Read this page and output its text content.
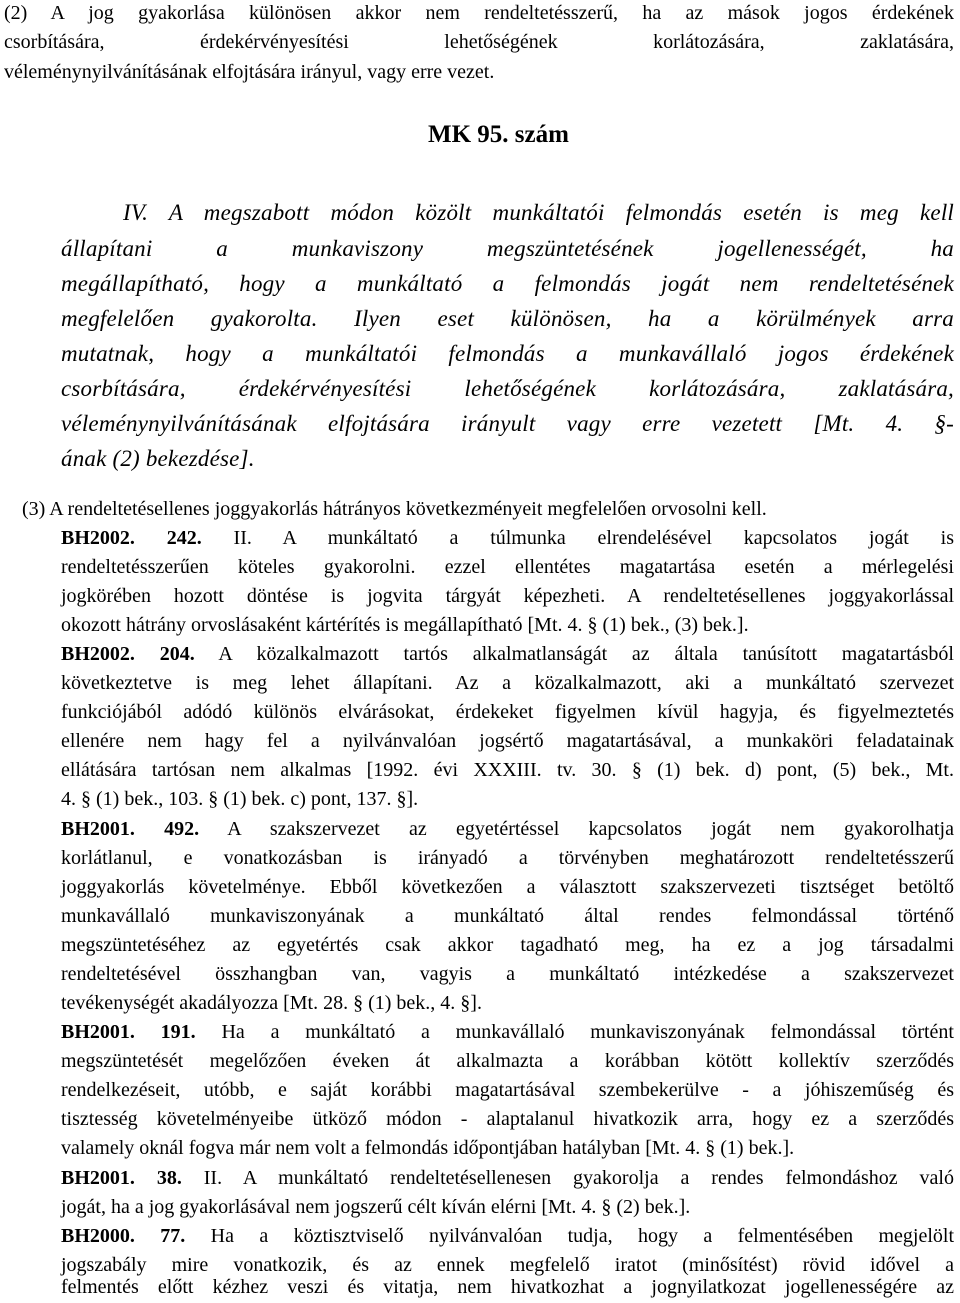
(2) A jog gyakorlása különösen akkor nem rendeltetésszerű, ha az mások jogos érdekének
csorbítására, érdekérvényesítési lehetőségének korlátozására, zaklatására,
véleménynyilvánításának elfojtására irányul, vagy erre vezet.
MK 95. szám
IV. A megszabott módon közölt munkáltatói felmondás esetén is meg kell
állapítani a munkaviszony megszüntetésének jogellenességét, ha
megállapítható, hogy a munkáltató a felmondás jogát nem rendeltetésének
megfelelően gyakorolta. Ilyen eset különösen, ha a körülmények arra
mutatnak, hogy a munkáltatói felmondás a munkavállaló jogos érdekének
csorbítására, érdekérvényesítési lehetőségének korlátozására, zaklatására,
véleménynyilvánításának elfojtására irányult vagy erre vezetett [Mt. 4. §-
ának (2) bekezdése].
(3) A rendeltetésellenes joggyakorlás hátrányos következményeit megfelelően orvosolni kell.
BH2002. 242. II. A munkáltató a túlmunka elrendelésével kapcsolatos jogát is
rendeltetésszerűen köteles gyakorolni. ezzel ellentétes magatartása esetén a mérlegelési
jogkörében hozott döntése is jogvita tárgyát képezheti. A rendeltetésellenes joggyakorlással
okozott hátrány orvoslásaként kártérítés is megállapítható [Mt. 4. § (1) bek., (3) bek.].
BH2002. 204. A közalkalmazott tartós alkalmatlanságát az általa tanúsított magatartásból
következtetve is meg lehet állapítani. Az a közalkalmazott, aki a munkáltató szervezet
funkciójából adódó különös elvárásokat, érdekeket figyelmen kívül hagyja, és figyelmeztetés
ellenére nem hagy fel a nyilvánvalóan jogsértő magatartásával, a munkaköri feladatainak
ellátására tartósan nem alkalmas [1992. évi XXXIII. tv. 30. § (1) bek. d) pont, (5) bek., Mt.
4. § (1) bek., 103. § (1) bek. c) pont, 137. §].
BH2001. 492. A szakszervezet az egyetértéssel kapcsolatos jogát nem gyakorolhatja
korlátlanul, e vonatkozásban is irányadó a törvényben meghatározott rendeltetésszerű
joggyakorlás követelménye. Ebből következően a választott szakszervezeti tisztséget betöltő
munkavállaló munkaviszonyának a munkáltató által rendes felmondással történő
megszüntetéséhez az egyetértés csak akkor tagadható meg, ha ez a jog társadalmi
rendeltetésével összhangban van, vagyis a munkáltató intézkedése a szakszervezet
tevékenységét akadályozza [Mt. 28. § (1) bek., 4. §].
BH2001. 191. Ha a munkáltató a munkavállaló munkaviszonyának felmondással történt
megszüntetését megelőzően éveken át alkalmazta a korábban kötött kollektív szerződés
rendelkezéseit, utóbb, e saját korábbi magatartásával szembekerülve - a jóhiszeműség és
tisztesség követelményeibe ütköző módon - alaptalanul hivatkozik arra, hogy ez a szerződés
valamely oknál fogva már nem volt a felmondás időpontjában hatályban [Mt. 4. § (1) bek.].
BH2001. 38. II. A munkáltató rendeltetésellenesen gyakorolja a rendes felmondáshoz való
jogát, ha a jog gyakorlásával nem jogszerű célt kíván elérni [Mt. 4. § (2) bek.].
BH2000. 77. Ha a köztisztviselő nyilvánvalóan tudja, hogy a felmentésében megjelölt
jogszabály mire vonatkozik, és az ennek megfelelő iratot (minősítést) rövid idővel a
felmentés előtt kézhez veszi és vitatja, nem hivatkozhat a jognyilatkozat jogellenességére az
